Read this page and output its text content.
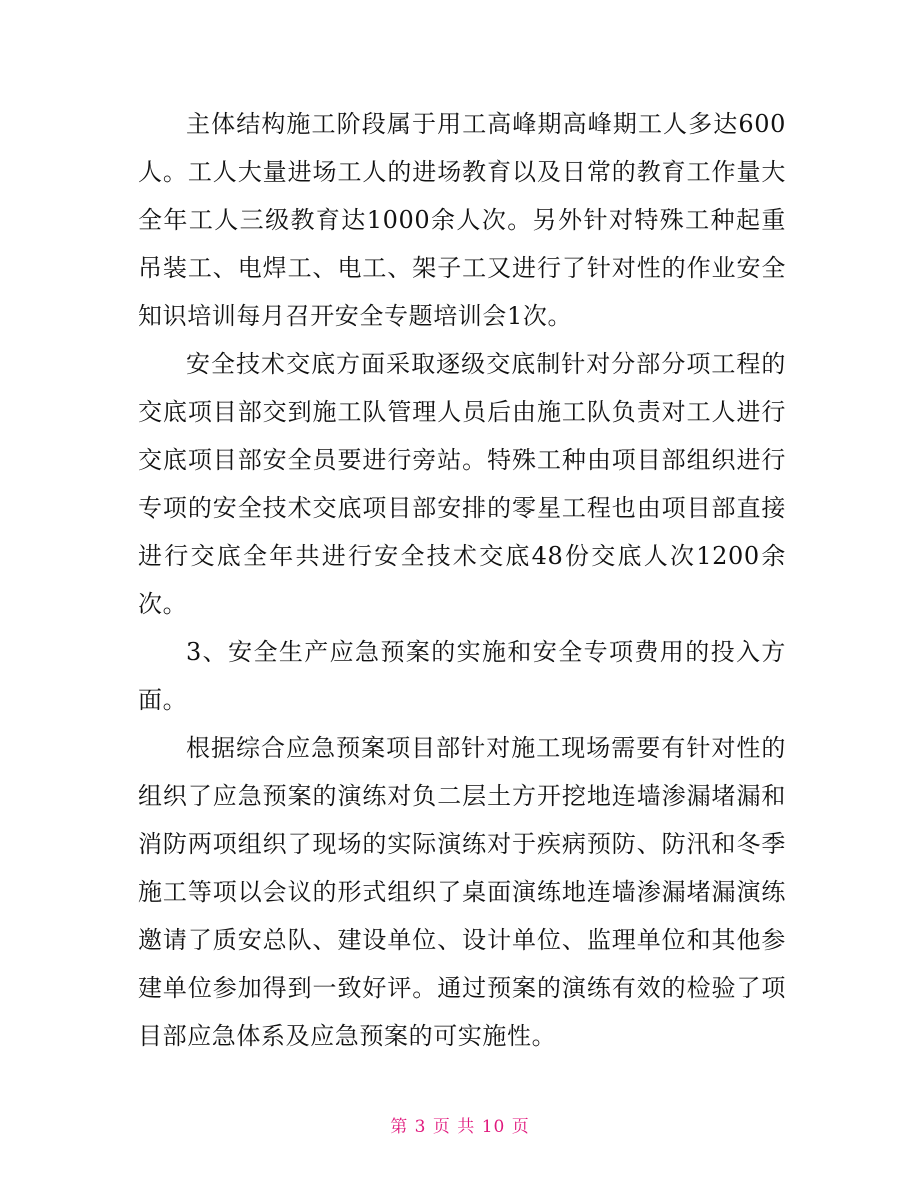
主体结构施工阶段属于用工高峰期高峰期工人多达600人。工人大量进场工人的进场教育以及日常的教育工作量大全年工人三级教育达1000余人次。另外针对特殊工种起重吊装工、电焊工、电工、架子工又进行了针对性的作业安全知识培训每月召开安全专题培训会1次。

安全技术交底方面采取逐级交底制针对分部分项工程的交底项目部交到施工队管理人员后由施工队负责对工人进行交底项目部安全员要进行旁站。特殊工种由项目部组织进行专项的安全技术交底项目部安排的零星工程也由项目部直接进行交底全年共进行安全技术交底48份交底人次1200余次。

3、安全生产应急预案的实施和安全专项费用的投入方面。

根据综合应急预案项目部针对施工现场需要有针对性的组织了应急预案的演练对负二层土方开挖地连墙渗漏堵漏和消防两项组织了现场的实际演练对于疾病预防、防汛和冬季施工等项以会议的形式组织了桌面演练地连墙渗漏堵漏演练邀请了质安总队、建设单位、设计单位、监理单位和其他参建单位参加得到一致好评。通过预案的演练有效的检验了项目部应急体系及应急预案的可实施性。

第 3 页 共 10 页
